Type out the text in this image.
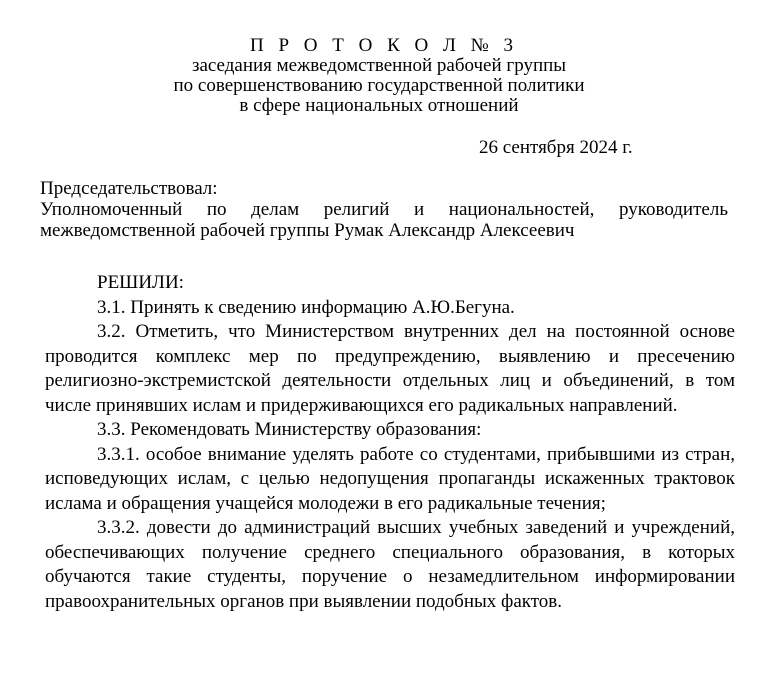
П Р О Т О К О Л № 3
заседания межведомственной рабочей группы
по совершенствованию государственной политики
в сфере национальных отношений
26 сентября 2024 г.
Председательствовал:
Уполномоченный по делам религий и национальностей, руководитель
межведомственной рабочей группы Румак Александр Алексеевич
РЕШИЛИ:
3.1. Принять к сведению информацию А.Ю.Бегуна.
3.2. Отметить, что Министерством внутренних дел на постоянной основе проводится комплекс мер по предупреждению, выявлению и пресечению религиозно-экстремистской деятельности отдельных лиц и объединений, в том числе принявших ислам и придерживающихся его радикальных направлений.
3.3. Рекомендовать Министерству образования:
3.3.1. особое внимание уделять работе со студентами, прибывшими из стран, исповедующих ислам, с целью недопущения пропаганды искаженных трактовок ислама и обращения учащейся молодежи в его радикальные течения;
3.3.2. довести до администраций высших учебных заведений и учреждений, обеспечивающих получение среднего специального образования, в которых обучаются такие студенты, поручение о незамедлительном информировании правоохранительных органов при выявлении подобных фактов.
